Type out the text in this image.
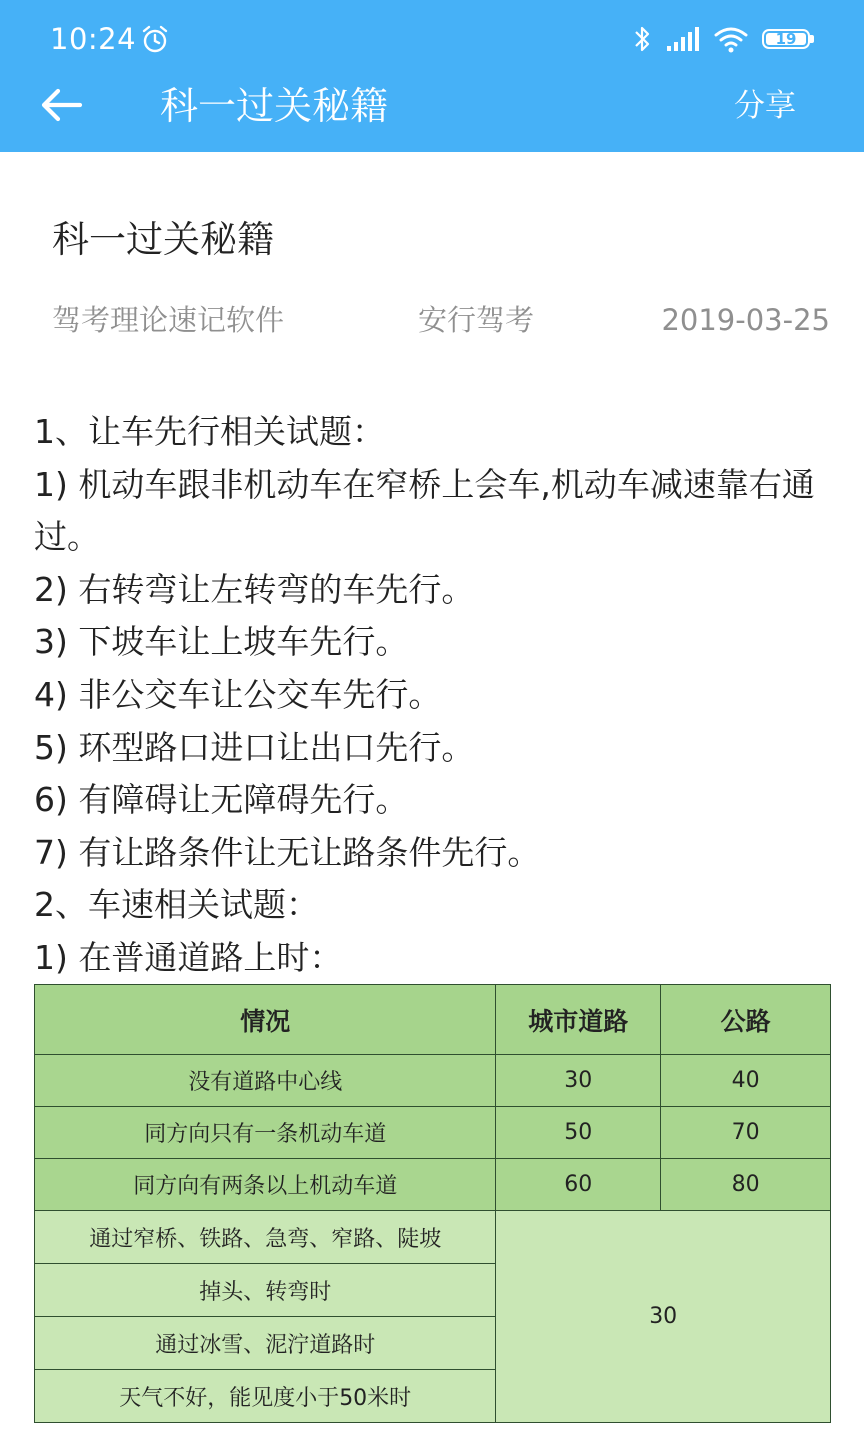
10:24	19
科一过关秘籍	分享
科一过关秘籍
驾考理论速记软件	安行驾考	2019-03-25

1、让车先行相关试题：

1) 机动车跟非机动车在窄桥上会车,机动车减速靠右通过。

2) 右转弯让左转弯的车先行。

3) 下坡车让上坡车先行。

4) 非公交车让公交车先行。

5) 环型路口进口让出口先行。

6) 有障碍让无障碍先行。

7) 有让路条件让无让路条件先行。

2、车速相关试题：

1) 在普通道路上时：

情况	城市道路	公路
没有道路中心线	30	40
同方向只有一条机动车道	50	70
同方向有两条以上机动车道	60	80
通过窄桥、铁路、急弯、窄路、陡坡	30	
掉头、转弯时		
通过冰雪、泥泞道路时		
天气不好，能见度小于50米时		
